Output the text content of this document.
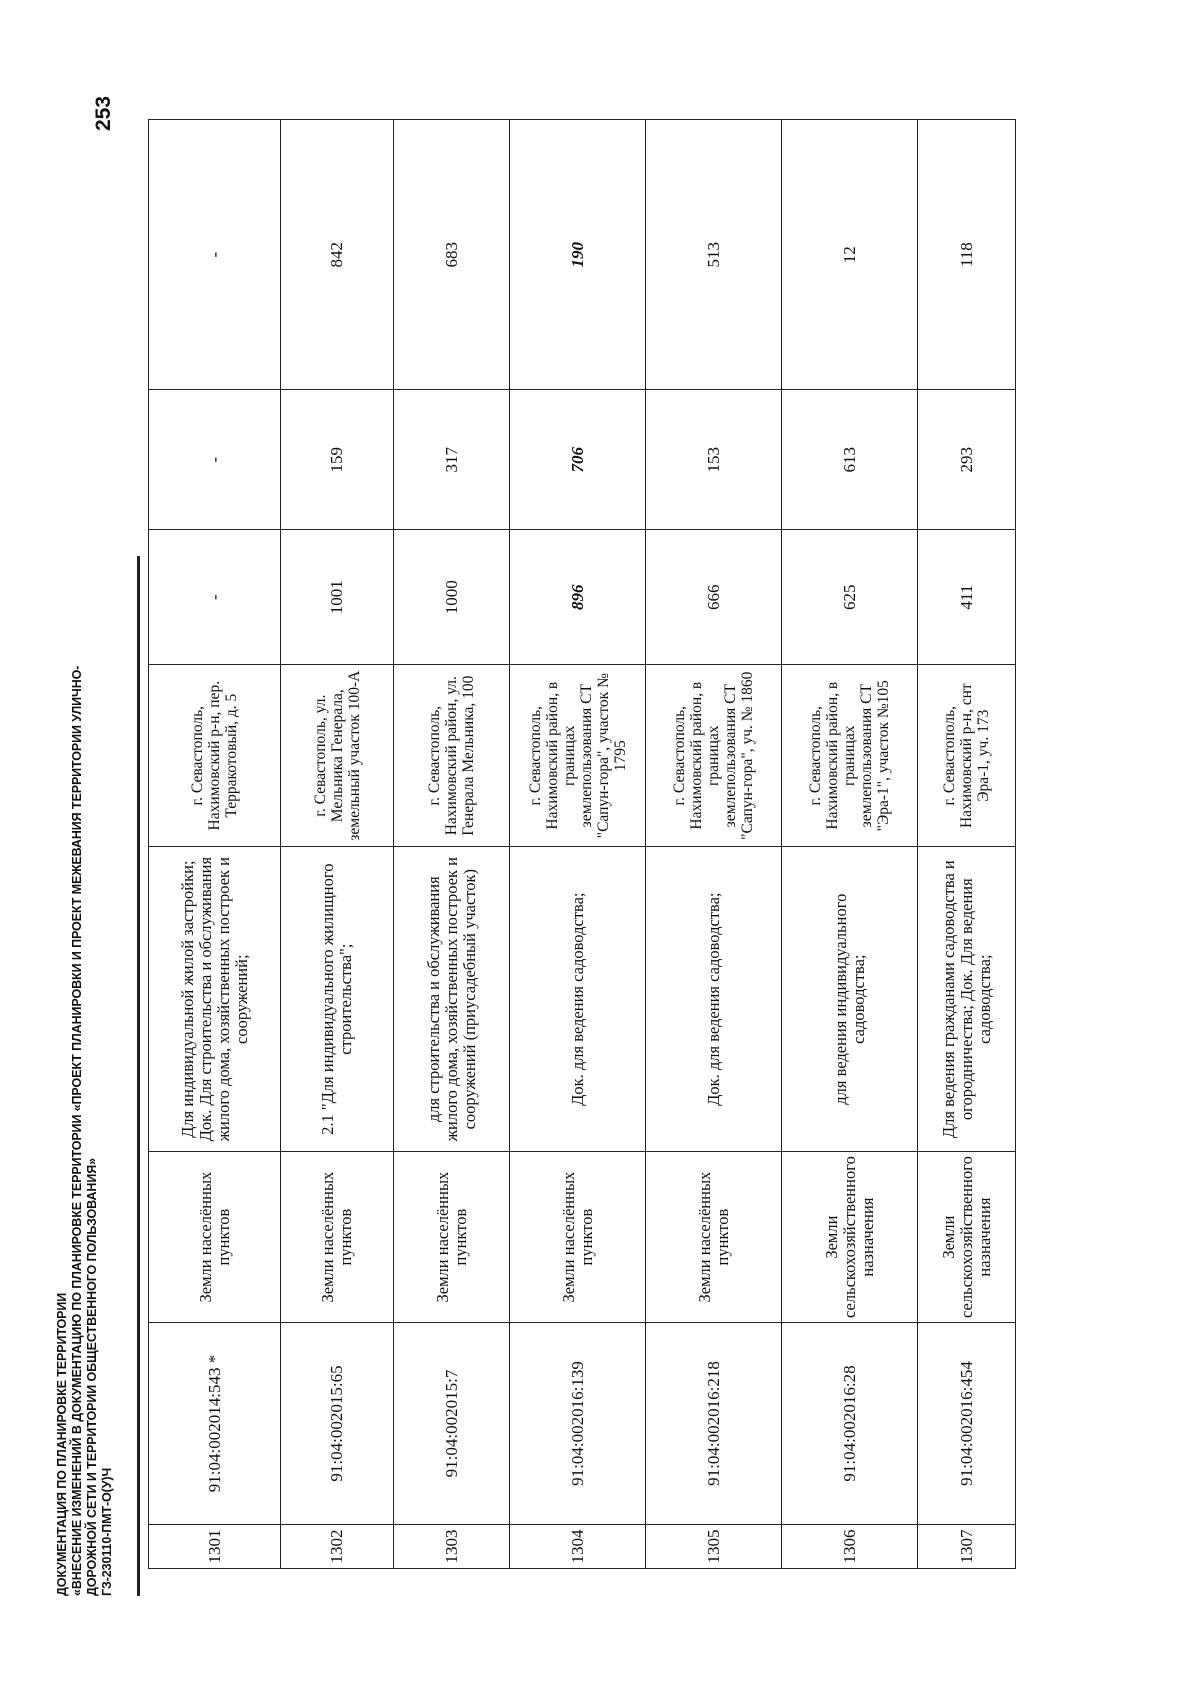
ДОКУМЕНТАЦИЯ ПО ПЛАНИРОВКЕ ТЕРРИТОРИИ «ВНЕСЕНИЕ ИЗМЕНЕНИЙ В ДОКУМЕНТАЦИЮ ПО ПЛАНИРОВКЕ ТЕРРИТОРИИ «ПРОЕКТ ПЛАНИРОВКИ И ПРОЕКТ МЕЖЕВАНИЯ ТЕРРИТОРИИ УЛИЧНО- ДОРОЖНОЙ СЕТИ И ТЕРРИТОРИИ ОБЩЕСТВЕННОГО ПОЛЬЗОВАНИЯ» ГЗ-230110-ПМТ-О(У)Ч
253
1301	91:04:002014:543 *	Земли населённых пунктов	Для индивидуальной жилой застройки; Док. Для строительства и обслуживания жилого дома, хозяйственных построек и сооружений;	г. Севастополь, Нахимовский р-н, пер. Терракотовый, д. 5	-	-	-
1302	91:04:002015:65	Земли населённых пунктов	2.1 "Для индивидуального жилищного строительства";	г. Севастополь, ул. Мельника Генерала, земельный участок 100-А	1001	159	842
1303	91:04:002015:7	Земли населённых пунктов	для строительства и обслуживания жилого дома, хозяйственных построек и сооружений (приусадебный участок)	г. Севастополь, Нахимовский район, ул. Генерала Мельника, 100	1000	317	683
1304	91:04:002016:139	Земли населённых пунктов	Док. для ведения садоводства;	г. Севастополь, Нахимовский район, в границах землепользования СТ "Сапун-гора", участок № 1795	896	706	190
1305	91:04:002016:218	Земли населённых пунктов	Док. для ведения садоводства;	г. Севастополь, Нахимовский район, в границах землепользования СТ "Сапун-гора", уч. № 1860	666	153	513
1306	91:04:002016:28	Земли сельскохозяйственного назначения	для ведения индивидуального садоводства;	г. Севастополь, Нахимовский район, в границах землепользования СТ "Эра-1", участок №105	625	613	12
1307	91:04:002016:454	Земли сельскохозяйственного назначения	Для ведения гражданами садоводства и огородничества; Док. Для ведения садоводства;	г. Севастополь, Нахимовский р-н, снт Эра-1, уч. 173	411	293	118
